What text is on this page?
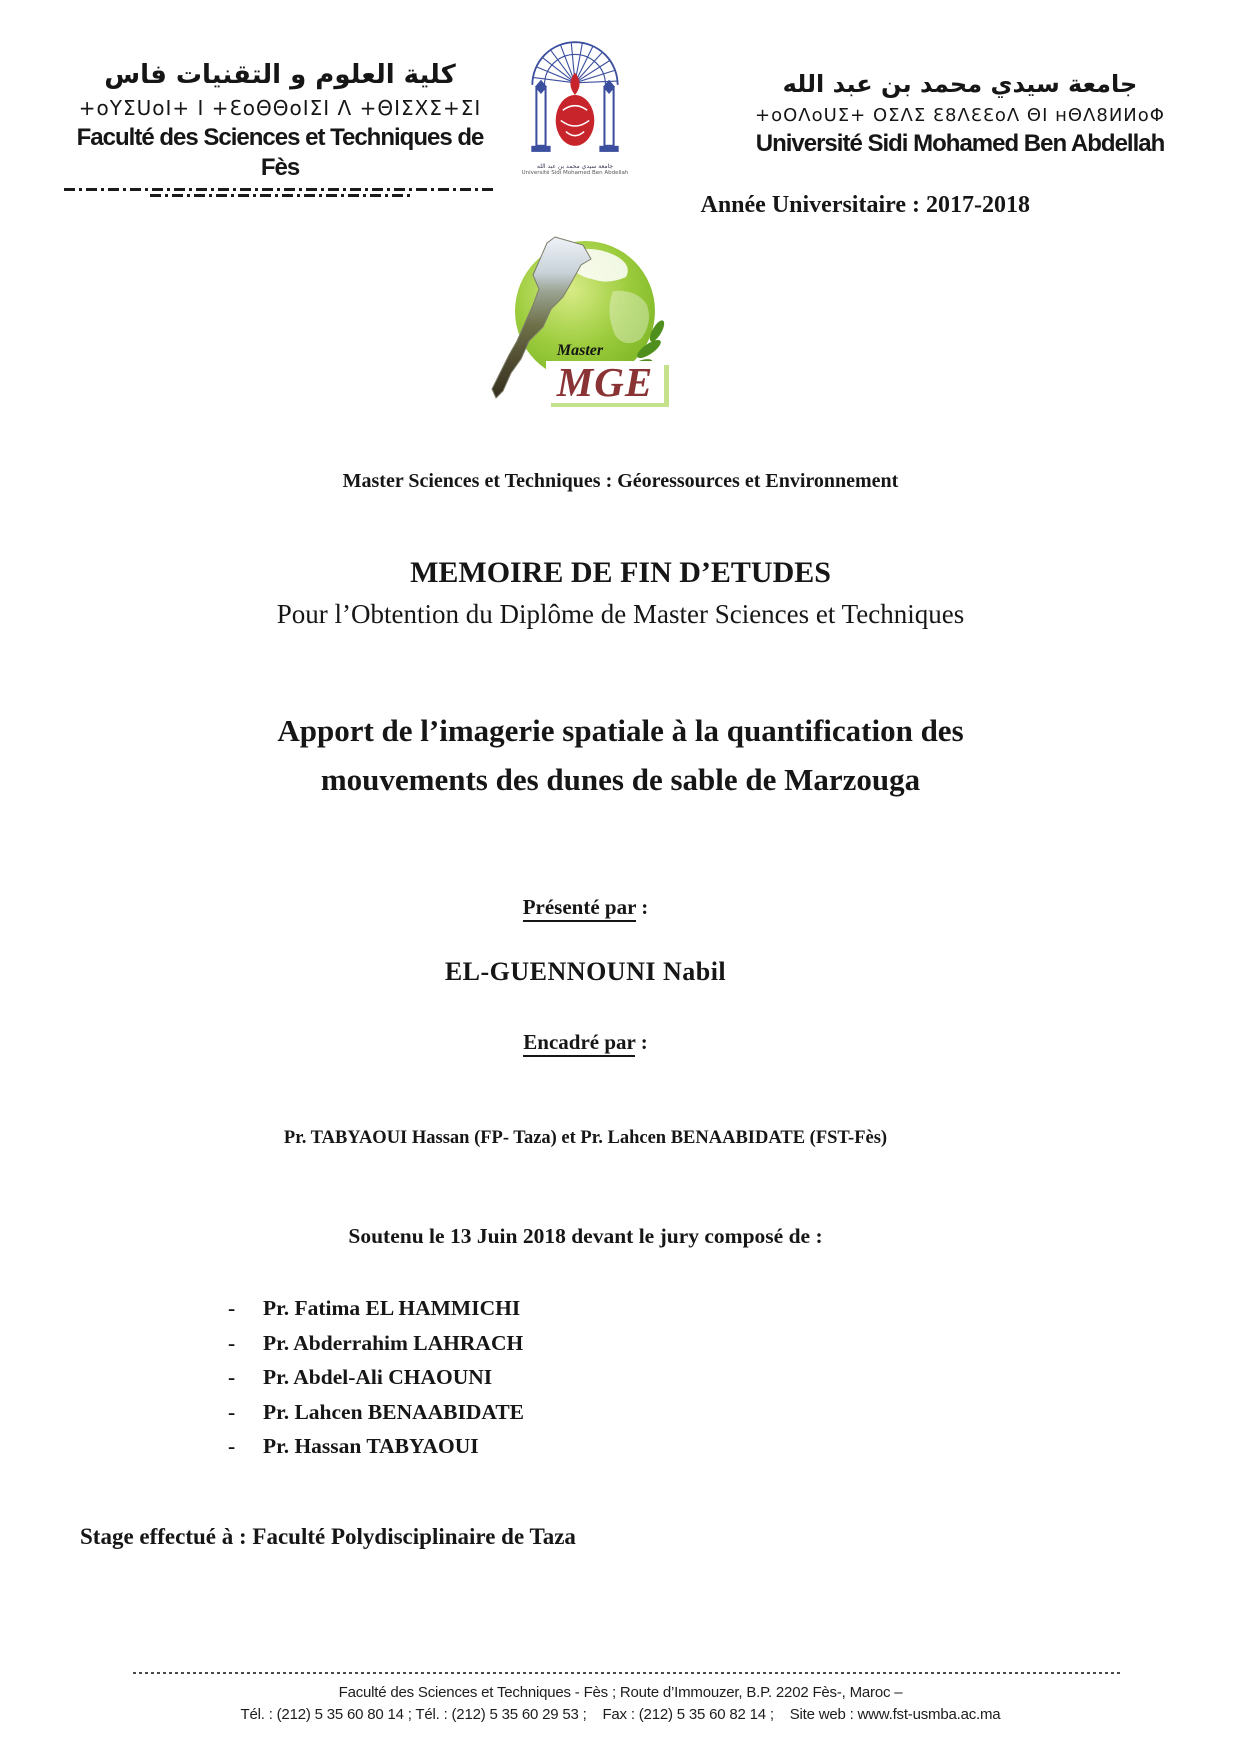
كلية العلوم و التقنيات فاس
+oYΣUoI+ I +ƐoΘΘoIΣI Λ +ΘIΣXΣ+ΣI
Faculté des Sciences et Techniques de Fès	جامعة سيدي محمد بن عبد الله
Université Sidi Mohamed Ben Abdellah
جامعة سيدي محمد بن عبد الله
+oOΛoUΣ+ OΣΛΣ Ɛ8ΛƐƐoΛ ΘI ʜΘΛ8ИИoΦ
Université Sidi Mohamed Ben Abdellah
Année Universitaire : 2017-2018
Master
MGE
Master Sciences et Techniques : Géoressources et Environnement
MEMOIRE DE FIN D’ETUDES
Pour l’Obtention du Diplôme de Master Sciences et Techniques
Apport de l’imagerie spatiale à la quantification des
mouvements des dunes de sable de Marzouga
Présenté par :
EL-GUENNOUNI Nabil
Encadré par :
Pr. TABYAOUI Hassan (FP- Taza) et Pr. Lahcen BENAABIDATE (FST-Fès)
Soutenu le 13 Juin 2018 devant le jury composé de :
- Pr. Fatima EL HAMMICHI
- Pr. Abderrahim LAHRACH
- Pr. Abdel-Ali CHAOUNI
- Pr. Lahcen BENAABIDATE
- Pr. Hassan TABYAOUI
Stage effectué à : Faculté Polydisciplinaire de Taza
Faculté des Sciences et Techniques - Fès ; Route d’Immouzer, B.P. 2202 Fès-, Maroc –
Tél. : (212) 5 35 60 80 14 ; Tél. : (212) 5 35 60 29 53 ;    Fax : (212) 5 35 60 82 14 ;    Site web : www.fst-usmba.ac.ma
